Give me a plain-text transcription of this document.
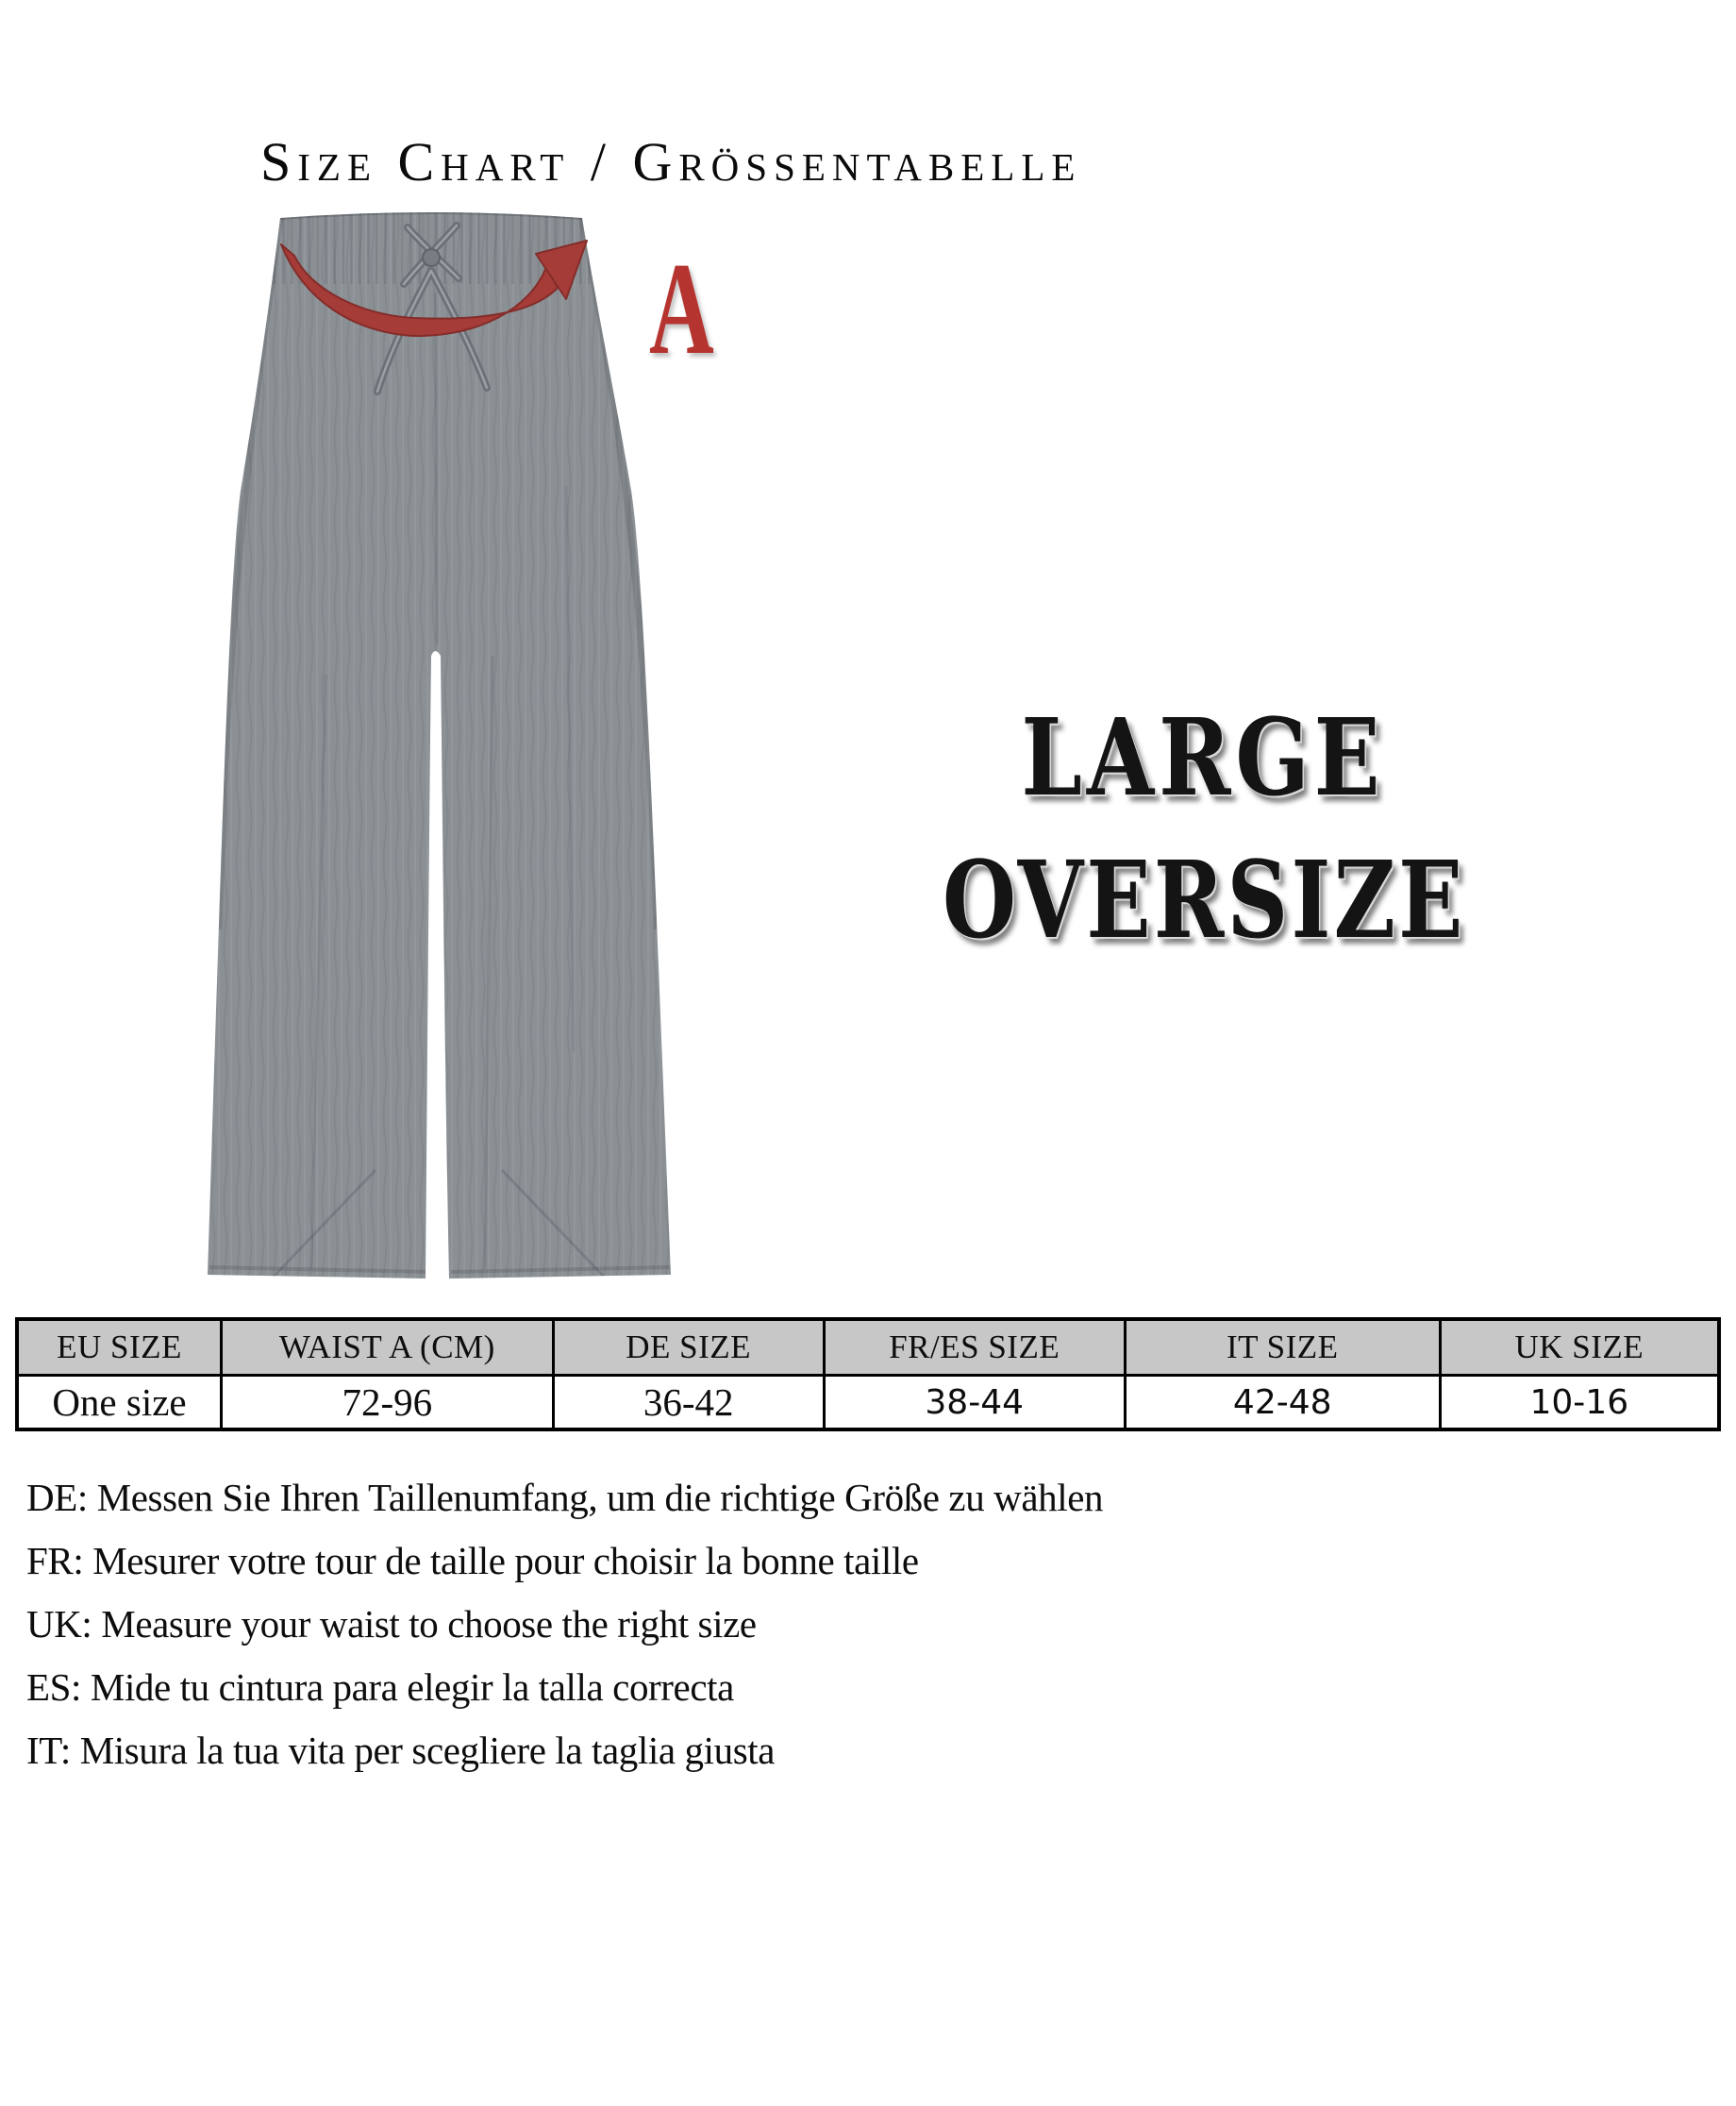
Size Chart / Grössentabelle
A
LARGE
OVERSIZE
EU SIZE	WAIST A (CM)	DE SIZE	FR/ES SIZE	IT SIZE	UK SIZE
One size	72-96	36-42	38-44	42-48	10-16

DE: Messen Sie Ihren Taillenumfang, um die richtige Größe zu wählen

FR: Mesurer votre tour de taille pour choisir la bonne taille

UK: Measure your waist to choose the right size

ES: Mide tu cintura para elegir la talla correcta

IT: Misura la tua vita per scegliere la taglia giusta
